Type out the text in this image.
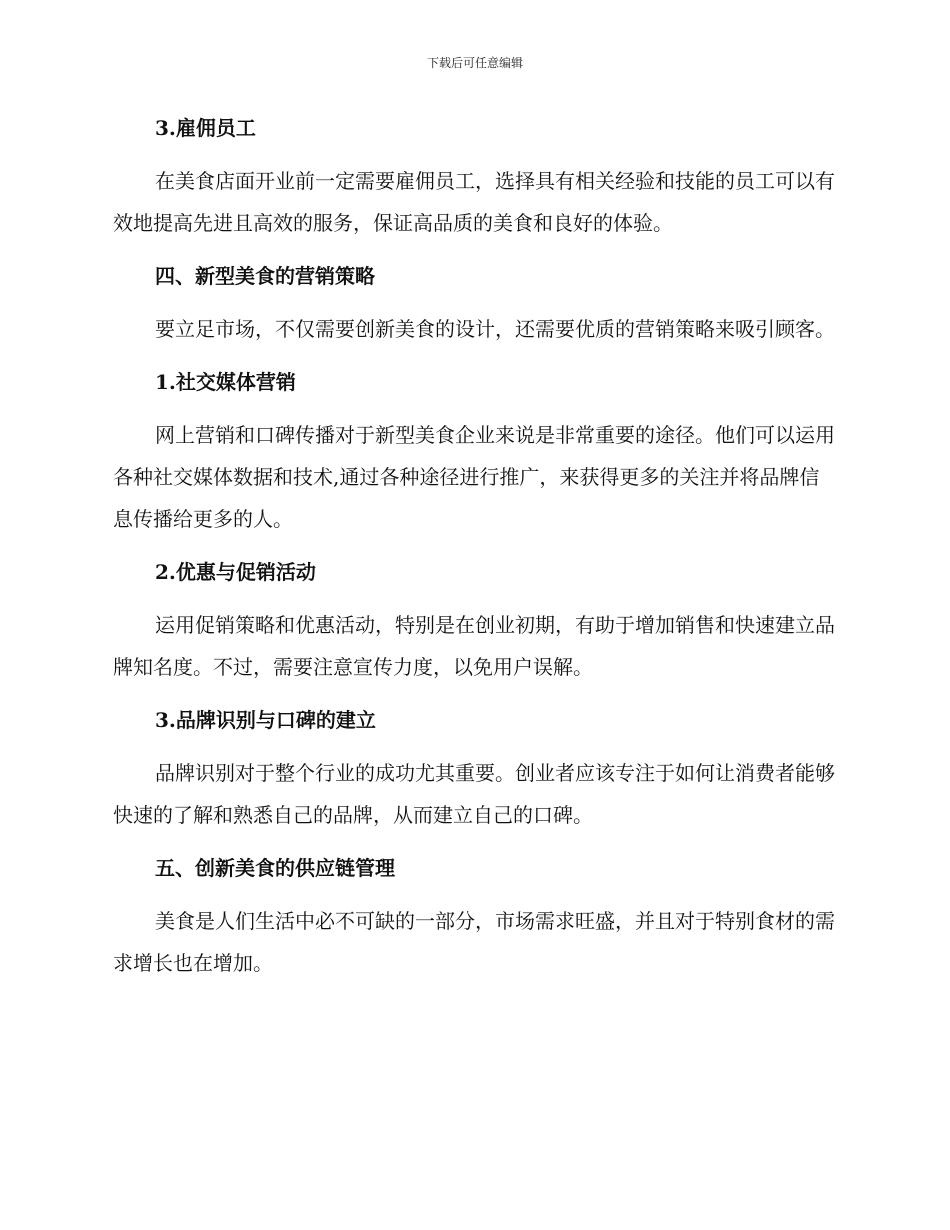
下载后可任意编辑
3.雇佣员工
在美食店面开业前一定需要雇佣员工，选择具有相关经验和技能的员工可以有效地提高先进且高效的服务，保证高品质的美食和良好的体验。
四、新型美食的营销策略
要立足市场，不仅需要创新美食的设计，还需要优质的营销策略来吸引顾客。
1.社交媒体营销
网上营销和口碑传播对于新型美食企业来说是非常重要的途径。他们可以运用各种社交媒体数据和技术,通过各种途径进行推广，来获得更多的关注并将品牌信息传播给更多的人。
2.优惠与促销活动
运用促销策略和优惠活动，特别是在创业初期，有助于增加销售和快速建立品牌知名度。不过，需要注意宣传力度，以免用户误解。
3.品牌识别与口碑的建立
品牌识别对于整个行业的成功尤其重要。创业者应该专注于如何让消费者能够快速的了解和熟悉自己的品牌，从而建立自己的口碑。
五、创新美食的供应链管理
美食是人们生活中必不可缺的一部分，市场需求旺盛，并且对于特别食材的需求增长也在增加。
